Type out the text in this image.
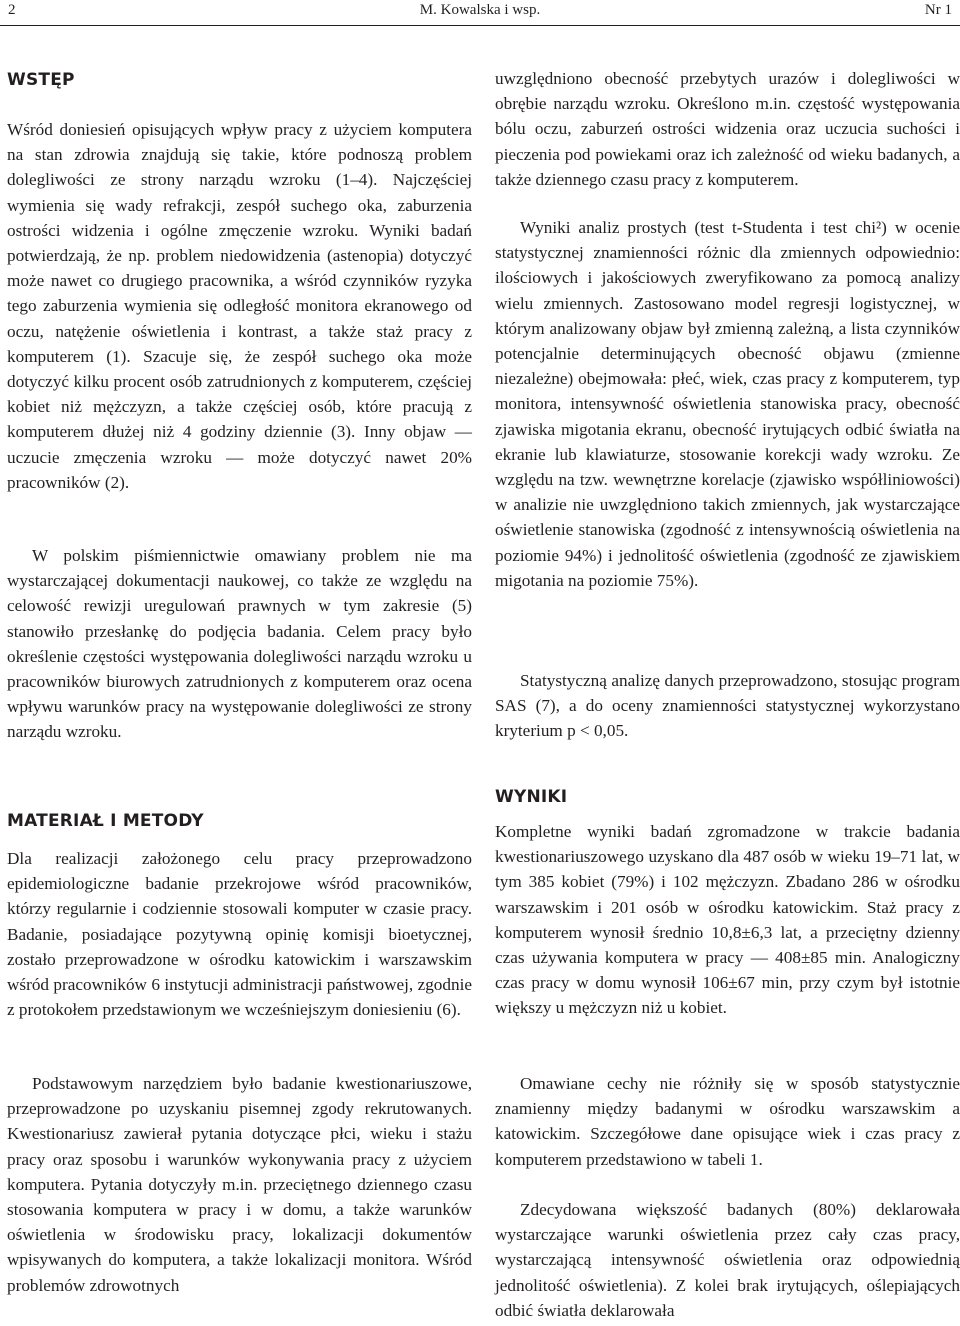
2	M. Kowalska i wsp.	Nr 1
WSTĘP

Wśród doniesień opisujących wpływ pracy z użyciem komputera na stan zdrowia znajdują się takie, które podnoszą problem dolegliwości ze strony narządu wzroku (1–4). Najczęściej wymienia się wady refrakcji, zespół suchego oka, zaburzenia ostrości widzenia i ogólne zmęczenie wzroku. Wyniki badań potwierdzają, że np. problem niedowidzenia (astenopia) dotyczyć może nawet co drugiego pracownika, a wśród czynników ryzyka tego zaburzenia wymienia się odległość monitora ekranowego od oczu, natężenie oświetlenia i kontrast, a także staż pracy z komputerem (1). Szacuje się, że zespół suchego oka może dotyczyć kilku procent osób zatrudnionych z komputerem, częściej kobiet niż mężczyzn, a także częściej osób, które pracują z komputerem dłużej niż 4 godziny dziennie (3). Inny objaw — uczucie zmęczenia wzroku — może dotyczyć nawet 20% pracowników (2).

W polskim piśmiennictwie omawiany problem nie ma wystarczającej dokumentacji naukowej, co także ze względu na celowość rewizji uregulowań prawnych w tym zakresie (5) stanowiło przesłankę do podjęcia badania. Celem pracy było określenie częstości występowania dolegliwości narządu wzroku u pracowników biurowych zatrudnionych z komputerem oraz ocena wpływu warunków pracy na występowanie dolegliwości ze strony narządu wzroku.

MATERIAŁ I METODY

Dla realizacji założonego celu pracy przeprowadzono epidemiologiczne badanie przekrojowe wśród pracowników, którzy regularnie i codziennie stosowali komputer w czasie pracy. Badanie, posiadające pozytywną opinię komisji bioetycznej, zostało przeprowadzone w ośrodku katowickim i warszawskim wśród pracowników 6 instytucji administracji państwowej, zgodnie z protokołem przedstawionym we wcześniejszym doniesieniu (6).

Podstawowym narzędziem było badanie kwestionariuszowe, przeprowadzone po uzyskaniu pisemnej zgody rekrutowanych. Kwestionariusz zawierał pytania dotyczące płci, wieku i stażu pracy oraz sposobu i warunków wykonywania pracy z użyciem komputera. Pytania dotyczyły m.in. przeciętnego dziennego czasu stosowania komputera w pracy i w domu, a także warunków oświetlenia w środowisku pracy, lokalizacji dokumentów wpisywanych do komputera, a także lokalizacji monitora. Wśród problemów zdrowotnych

uwzględniono obecność przebytych urazów i dolegliwości w obrębie narządu wzroku. Określono m.in. częstość występowania bólu oczu, zaburzeń ostrości widzenia oraz uczucia suchości i pieczenia pod powiekami oraz ich zależność od wieku badanych, a także dziennego czasu pracy z komputerem.

Wyniki analiz prostych (test t-Studenta i test chi²) w ocenie statystycznej znamienności różnic dla zmiennych odpowiednio: ilościowych i jakościowych zweryfikowano za pomocą analizy wielu zmiennych. Zastosowano model regresji logistycznej, w którym analizowany objaw był zmienną zależną, a lista czynników potencjalnie determinujących obecność objawu (zmienne niezależne) obejmowała: płeć, wiek, czas pracy z komputerem, typ monitora, intensywność oświetlenia stanowiska pracy, obecność zjawiska migotania ekranu, obecność irytujących odbić światła na ekranie lub klawiaturze, stosowanie korekcji wady wzroku. Ze względu na tzw. wewnętrzne korelacje (zjawisko współliniowości) w analizie nie uwzględniono takich zmiennych, jak wystarczające oświetlenie stanowiska (zgodność z intensywnością oświetlenia na poziomie 94%) i jednolitość oświetlenia (zgodność ze zjawiskiem migotania na poziomie 75%).

Statystyczną analizę danych przeprowadzono, stosując program SAS (7), a do oceny znamienności statystycznej wykorzystano kryterium p < 0,05.

WYNIKI

Kompletne wyniki badań zgromadzone w trakcie badania kwestionariuszowego uzyskano dla 487 osób w wieku 19–71 lat, w tym 385 kobiet (79%) i 102 mężczyzn. Zbadano 286 w ośrodku warszawskim i 201 osób w ośrodku katowickim. Staż pracy z komputerem wynosił średnio 10,8±6,3 lat, a przeciętny dzienny czas używania komputera w pracy — 408±85 min. Analogiczny czas pracy w domu wynosił 106±67 min, przy czym był istotnie większy u mężczyzn niż u kobiet.

Omawiane cechy nie różniły się w sposób statystycznie znamienny między badanymi w ośrodku warszawskim a katowickim. Szczegółowe dane opisujące wiek i czas pracy z komputerem przedstawiono w tabeli 1.

Zdecydowana większość badanych (80%) deklarowała wystarczające warunki oświetlenia przez cały czas pracy, wystarczającą intensywność oświetlenia oraz odpowiednią jednolitość oświetlenia). Z kolei brak irytujących, oślepiających odbić światła deklarowała
